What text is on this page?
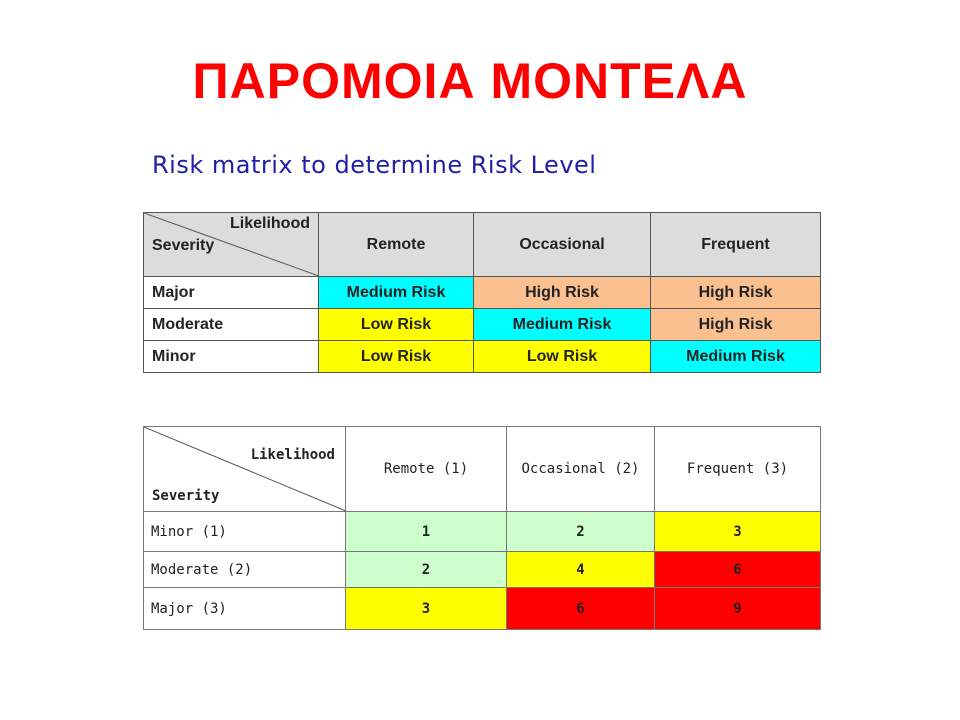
ΠΑΡΟΜΟΙΑ ΜΟΝΤΕΛΑ
Risk matrix to determine Risk Level
Likelihood
Severity	Remote	Occasional	Frequent
Major	Medium Risk	High Risk	High Risk
Moderate	Low Risk	Medium Risk	High Risk
Minor	Low Risk	Low Risk	Medium Risk
Likelihood
Severity	Remote (1)	Occasional (2)	Frequent (3)
Minor (1)	1	2	3
Moderate (2)	2	4	6
Major (3)	3	6	9
